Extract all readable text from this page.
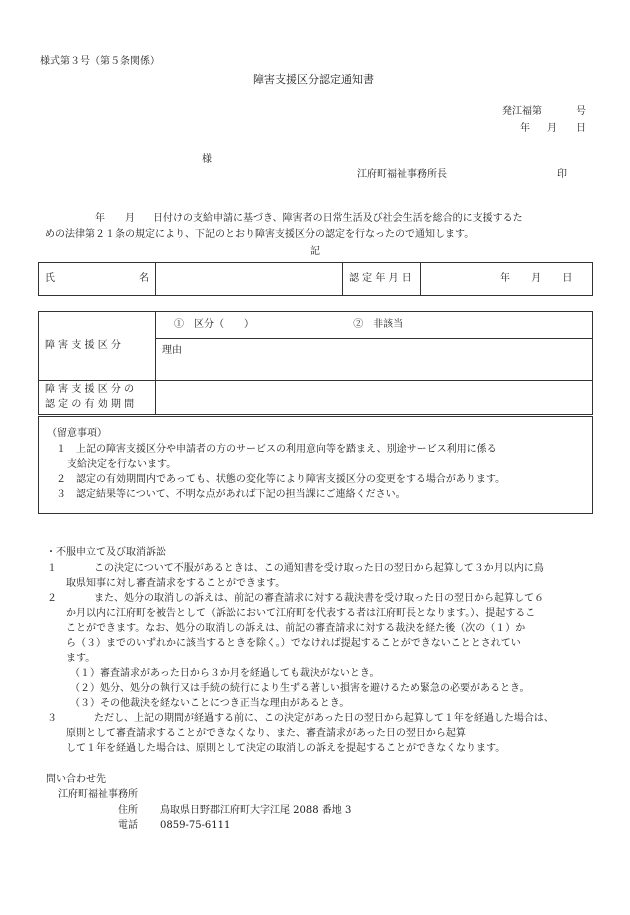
様式第３号（第５条関係）
障害支援区分認定通知書
発江福第	号
年 月 日
様
江府町福祉事務所長	印
年 月 日付けの支給申請に基づき、障害者の日常生活及び社会生活を総合的に支援するた
めの法律第２１条の規定により、下記のとおり障害支援区分の認定を行なったので通知します。
記
氏	名		認 定 年 月 日	年 月 日
障 害 支 援 区 分	①　区分（　　） ②　非該当
	理由

障 害 支 援 区 分 の
認 定 の 有 効 期 間	

（留意事項）
１　上記の障害支援区分や申請者の方のサービスの利用意向等を踏まえ、別途サービス利用に係る
支給決定を行ないます。
２　認定の有効期間内であっても、状態の変化等により障害支援区分の変更をする場合があります。
３　認定結果等について、不明な点があれば下記の担当課にご連絡ください。
・不服申立て及び取消訴訟
１	この決定について不服があるときは、この通知書を受け取った日の翌日から起算して３か月以内に鳥
取県知事に対し審査請求をすることができます。
２	また、処分の取消しの訴えは、前記の審査請求に対する裁決書を受け取った日の翌日から起算して６
か月以内に江府町を被告として（訴訟において江府町を代表する者は江府町長となります。）、提起するこ
ことができます。なお、処分の取消しの訴えは、前記の審査請求に対する裁決を経た後（次の（１）か
ら（３）までのいずれかに該当するときを除く。）でなければ提起することができないこととされてい
ます。
（１）審査請求があった日から３か月を経過しても裁決がないとき。
（２）処分、処分の執行又は手続の続行により生ずる著しい損害を避けるため緊急の必要があるとき。
（３）その他裁決を経ないことにつき正当な理由があるとき。
３	ただし、上記の期間が経過する前に、この決定があった日の翌日から起算して１年を経過した場合は、
原則として審査請求することができなくなり、また、審査請求があった日の翌日から起算
して１年を経過した場合は、原則として決定の取消しの訴えを提起することができなくなります。
問い合わせ先
江府町福祉事務所
住所 鳥取県日野郡江府町大字江尾 2088 番地 3
電話 0859-75-6111
